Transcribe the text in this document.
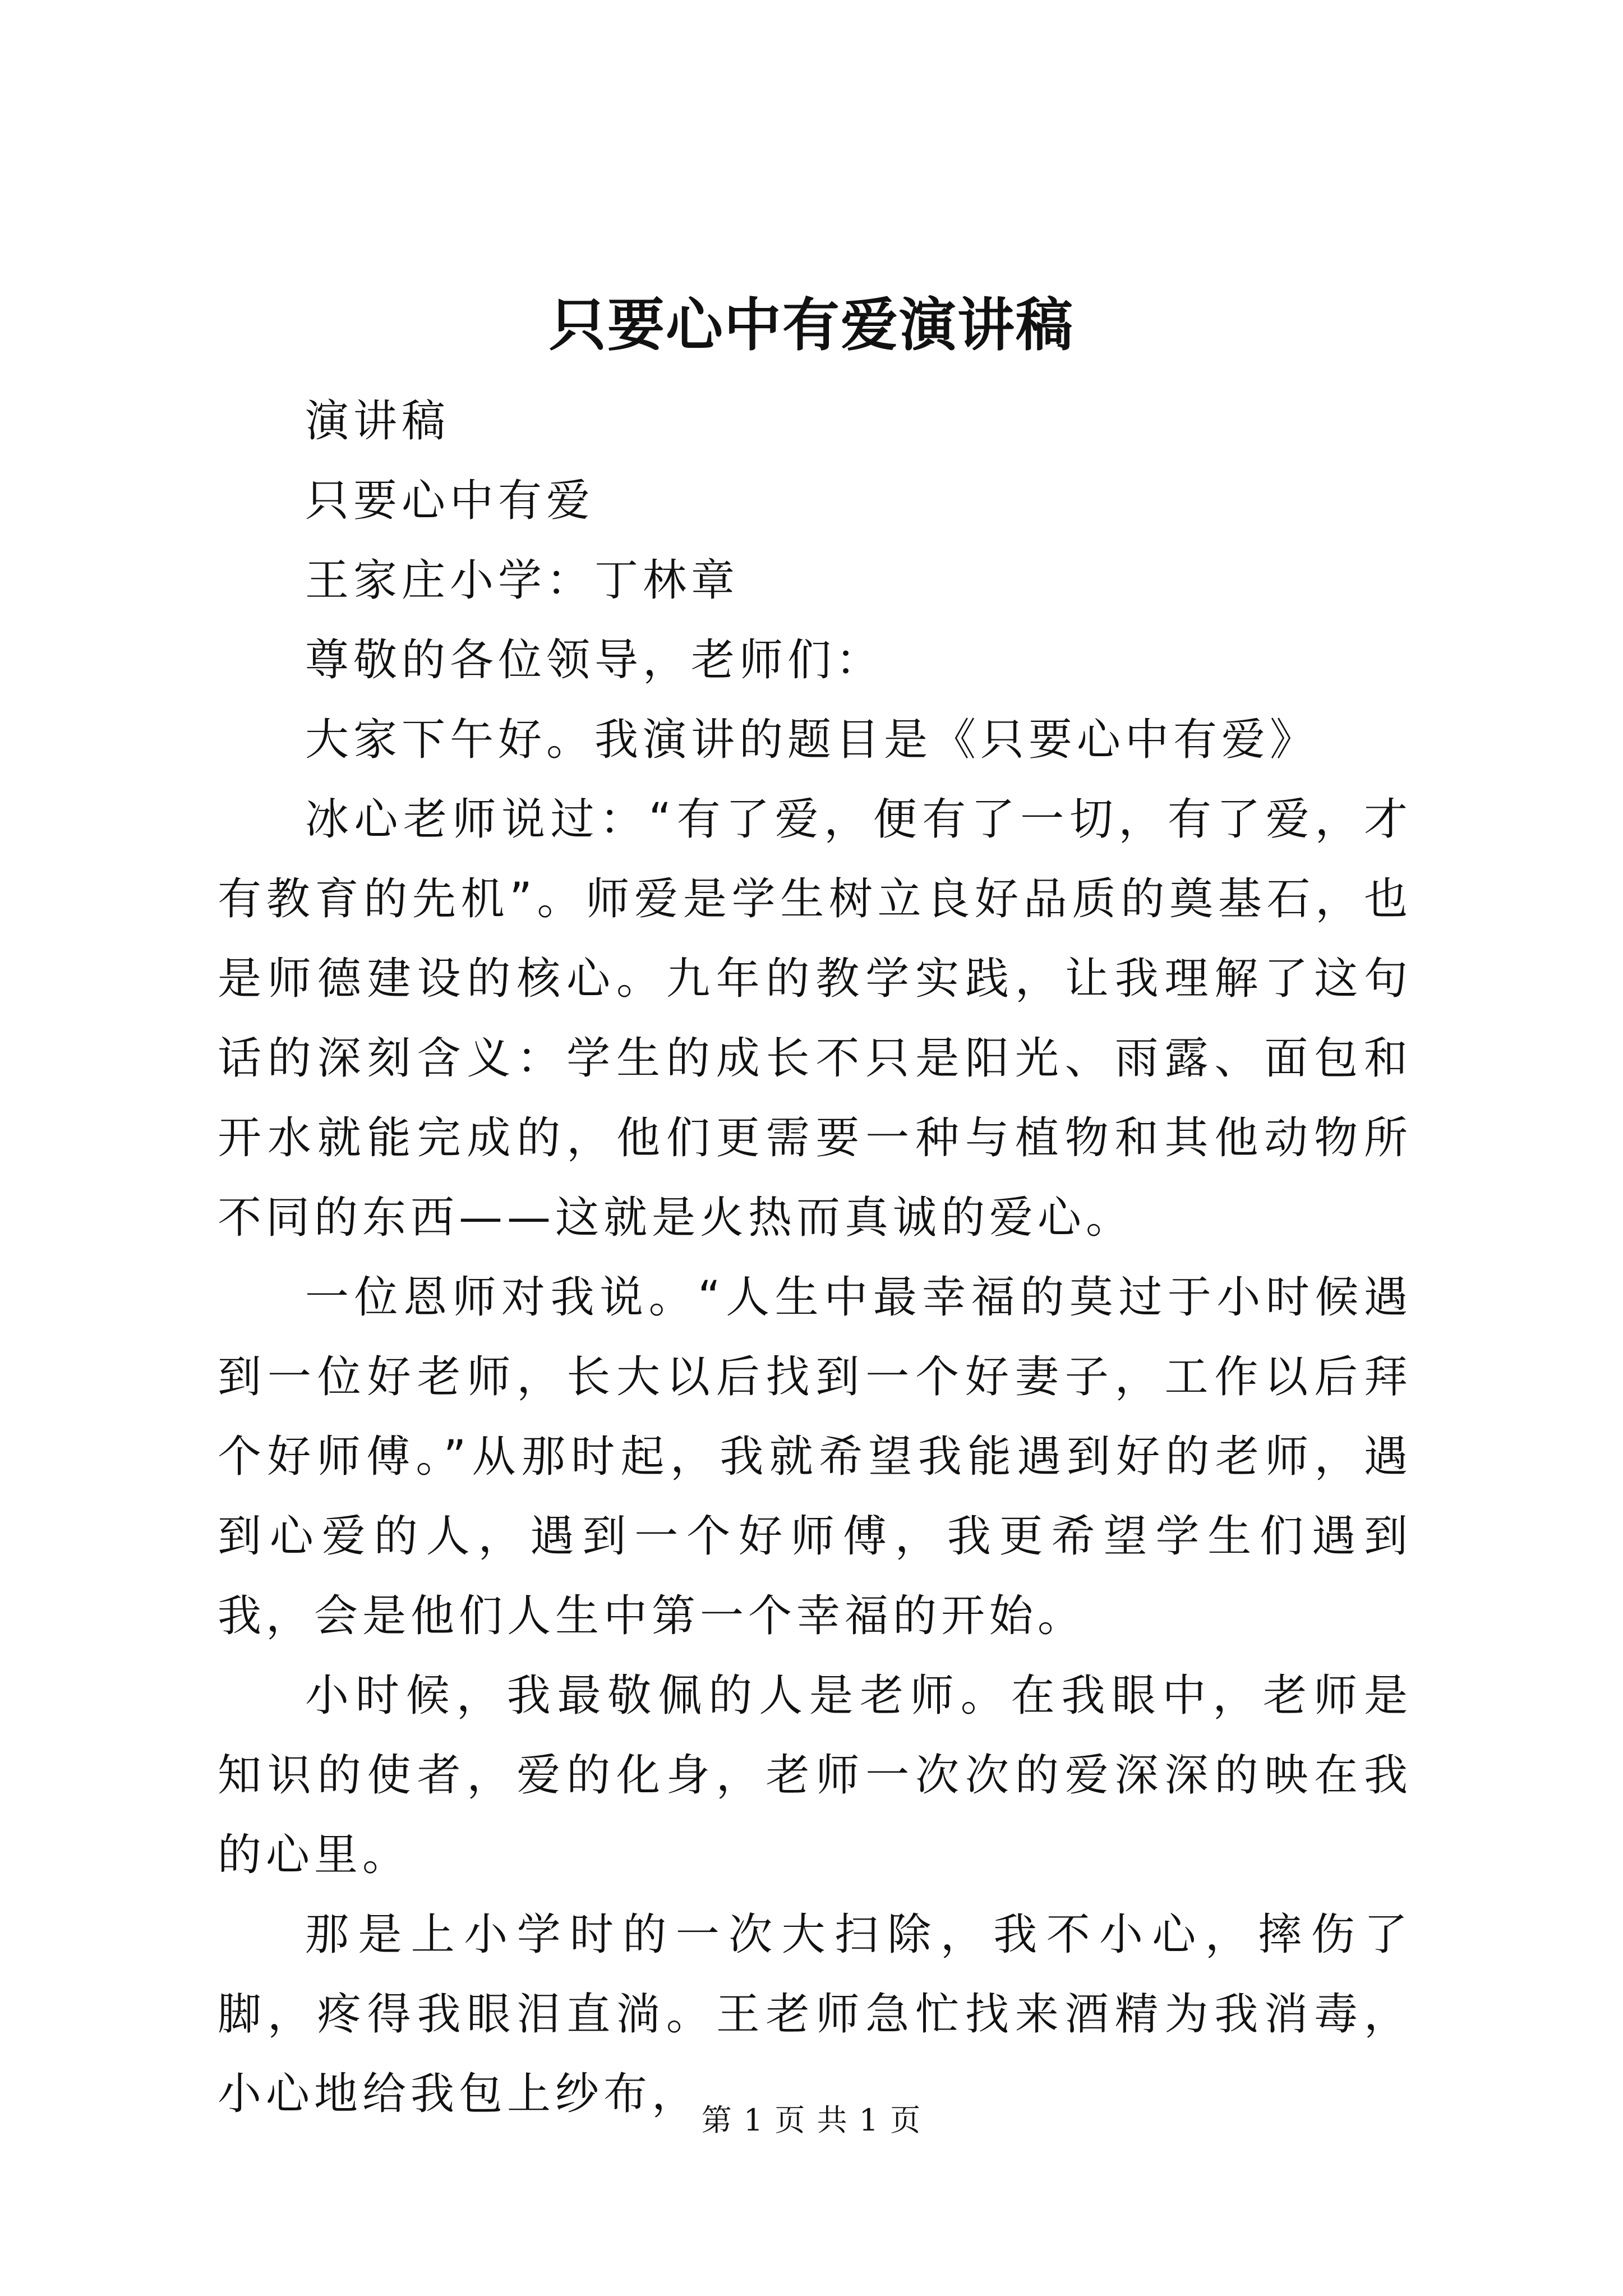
只要心中有爱演讲稿

演讲稿

只要心中有爱

王家庄小学：丁林章

尊敬的各位领导，老师们：

大家下午好。我演讲的题目是《只要心中有爱》

冰心老师说过：“有了爱，便有了一切，有了爱，才有教育的先机”。师爱是学生树立良好品质的奠基石，也是师德建设的核心。九年的教学实践，让我理解了这句话的深刻含义：学生的成长不只是阳光、雨露、面包和开水就能完成的，他们更需要一种与植物和其他动物所不同的东西——这就是火热而真诚的爱心。

一位恩师对我说。“人生中最幸福的莫过于小时候遇到一位好老师，长大以后找到一个好妻子，工作以后拜个好师傅。”从那时起，我就希望我能遇到好的老师，遇到心爱的人，遇到一个好师傅，我更希望学生们遇到我，会是他们人生中第一个幸福的开始。

小时候，我最敬佩的人是老师。在我眼中，老师是知识的使者，爱的化身，老师一次次的爱深深的映在我的心里。

那是上小学时的一次大扫除，我不小心，摔伤了脚，疼得我眼泪直淌。王老师急忙找来酒精为我消毒，小心地给我包上纱布，

第 1 页 共 1 页
